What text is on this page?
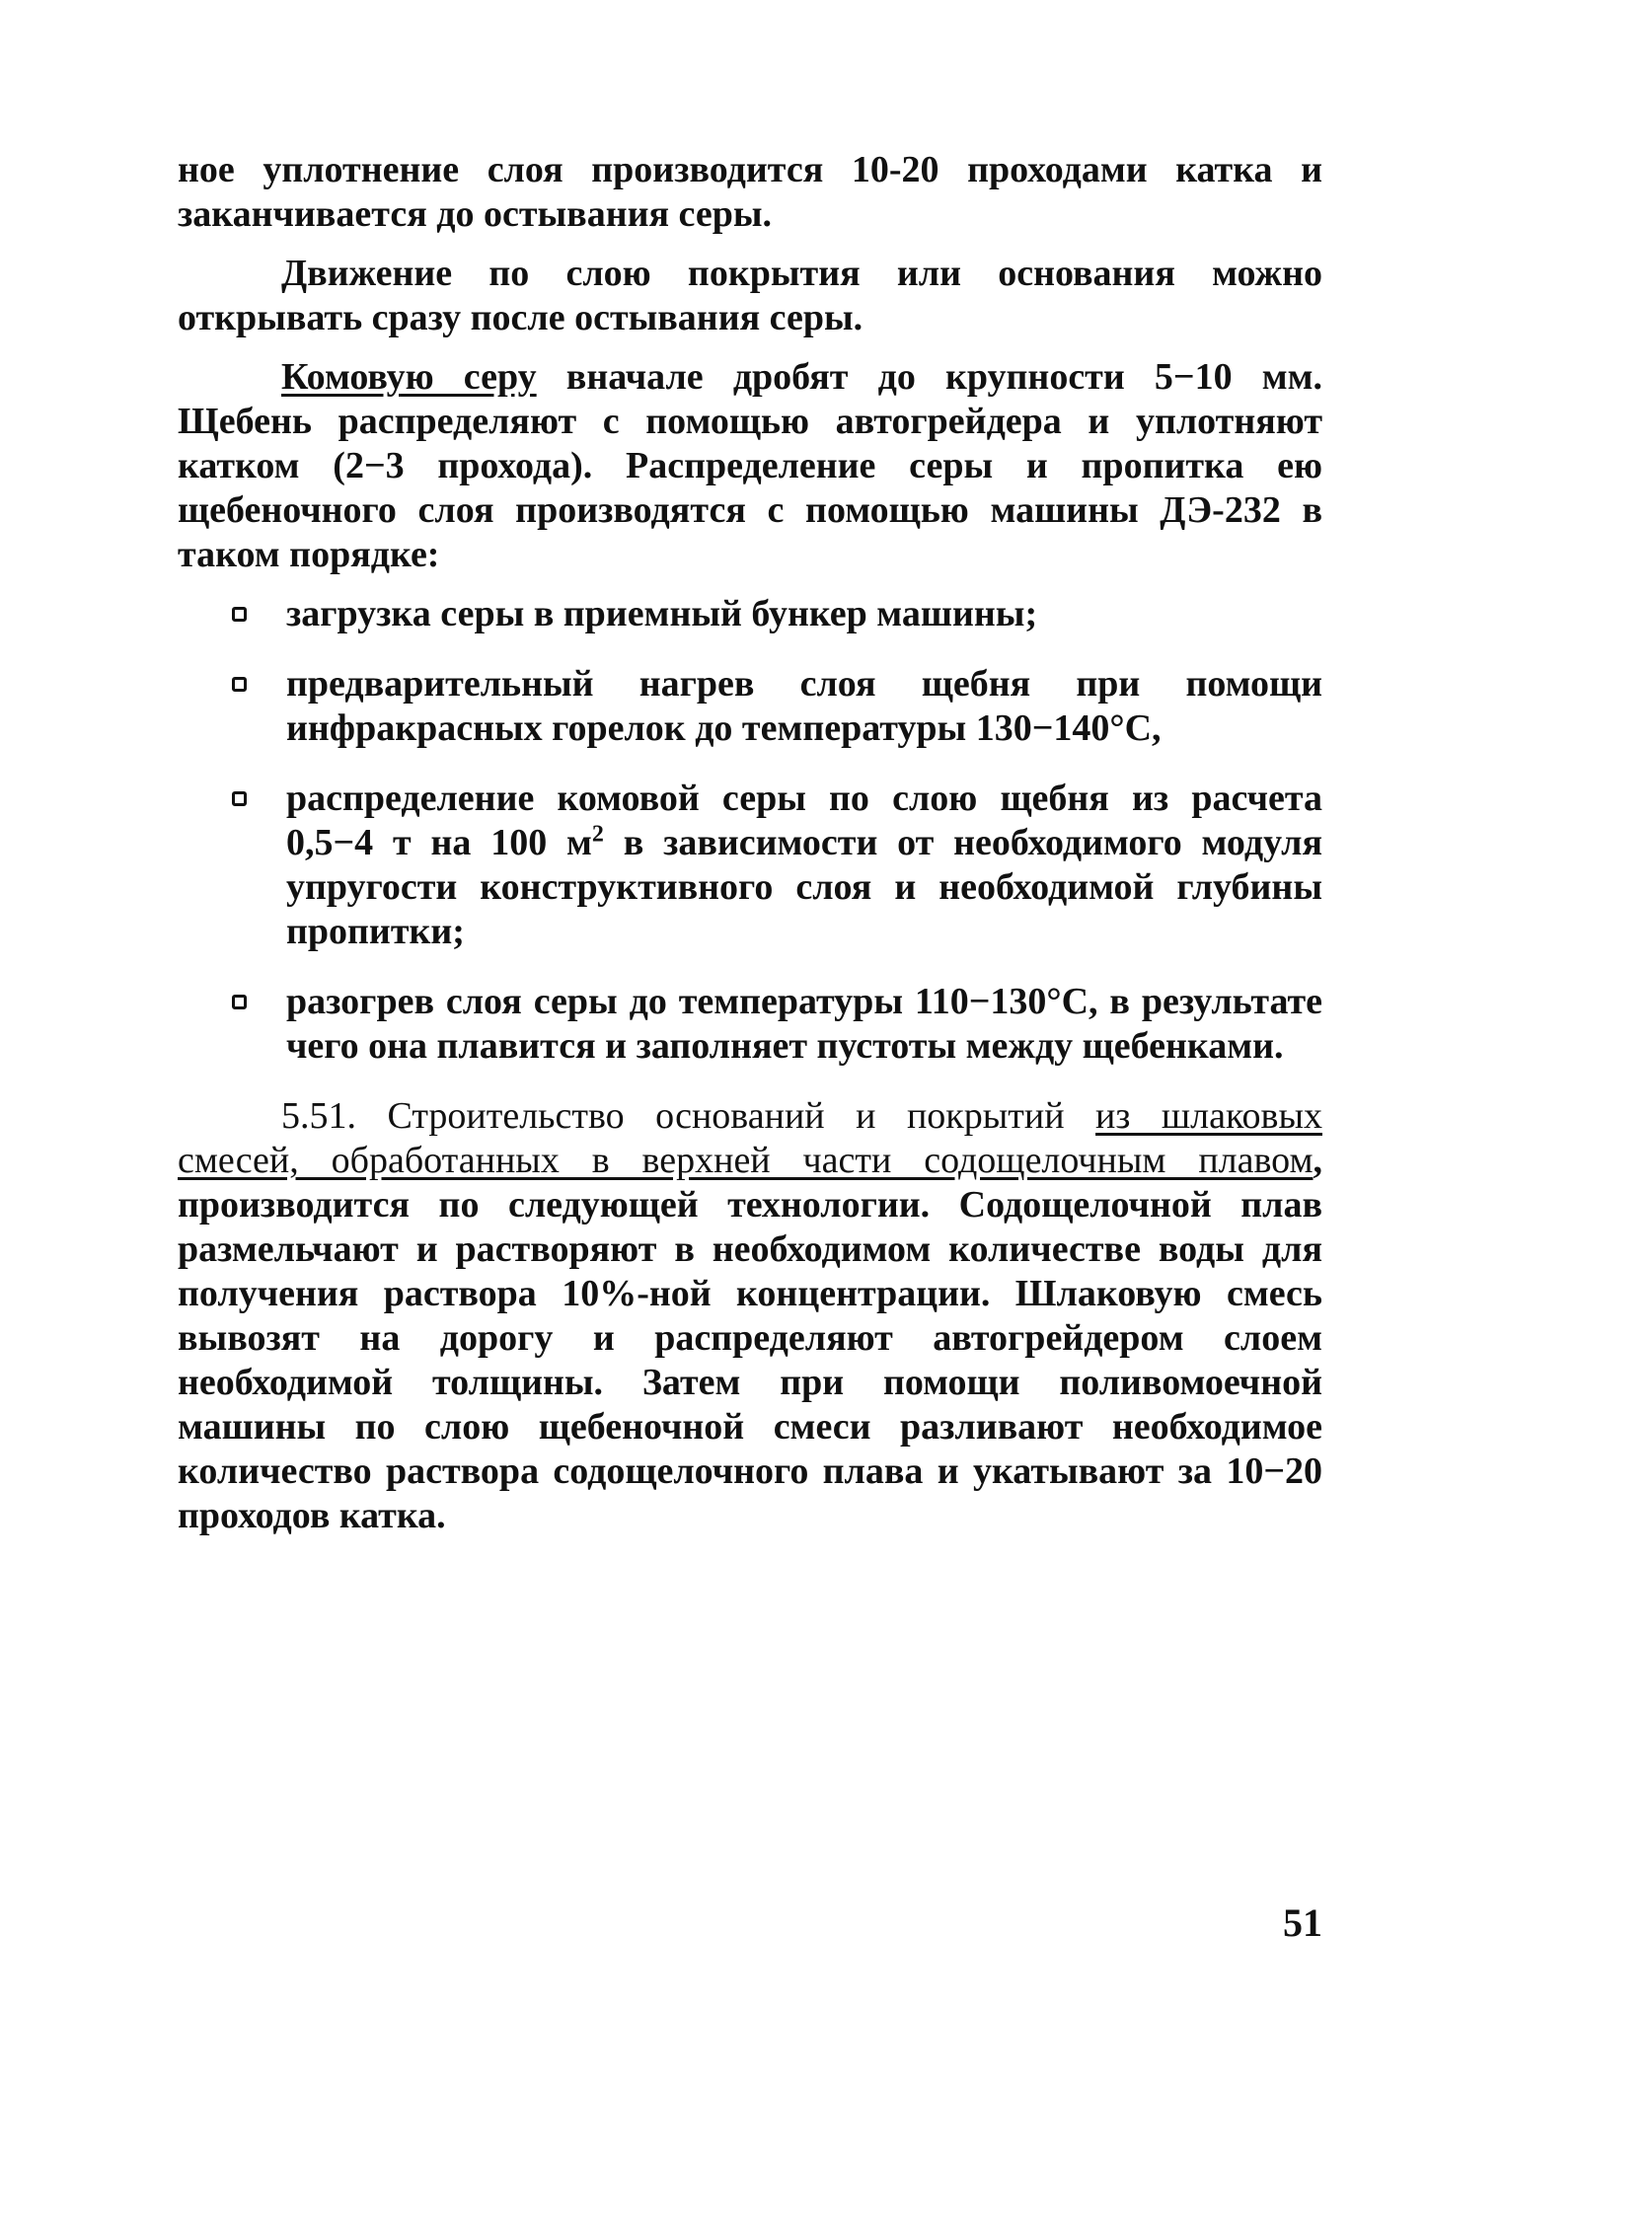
ное уплотнение слоя производится 10-20 проходами катка и заканчивается до остывания серы.

Движение по слою покрытия или основания можно открывать сразу после остывания серы.

Комовую серу вначале дробят до крупности 5−10 мм. Щебень распределяют с помощью автогрейдера и уплотняют катком (2−3 прохода). Распределение серы и пропитка ею щебеночного слоя производятся с помощью машины ДЭ-232 в таком порядке:

загрузка серы в приемный бункер машины;
предварительный нагрев слоя щебня при помощи инфракрасных горелок до температуры 130−140°С,
распределение комовой серы по слою щебня из расчета 0,5−4 т на 100 $м^2$ в зависимости от необходимого модуля упругости конструктивного слоя и необходимой глубины пропитки;
разогрев слоя серы до температуры 110−130°С, в результате чего она плавится и заполняет пустоты между щебенками.

5.51. Строительство оснований и покрытий из шлаковых смесей, обработанных в верхней части содощелочным плавом, производится по следующей технологии. Содощелочной плав размельчают и растворяют в необходимом количестве воды для получения раствора 10%-ной концентрации. Шлаковую смесь вывозят на дорогу и распределяют автогрейдером слоем необходимой толщины. Затем при помощи поливомоечной машины по слою щебеночной смеси разливают необходимое количество раствора содощелочного плава и укатывают за 10−20 проходов катка.

51
